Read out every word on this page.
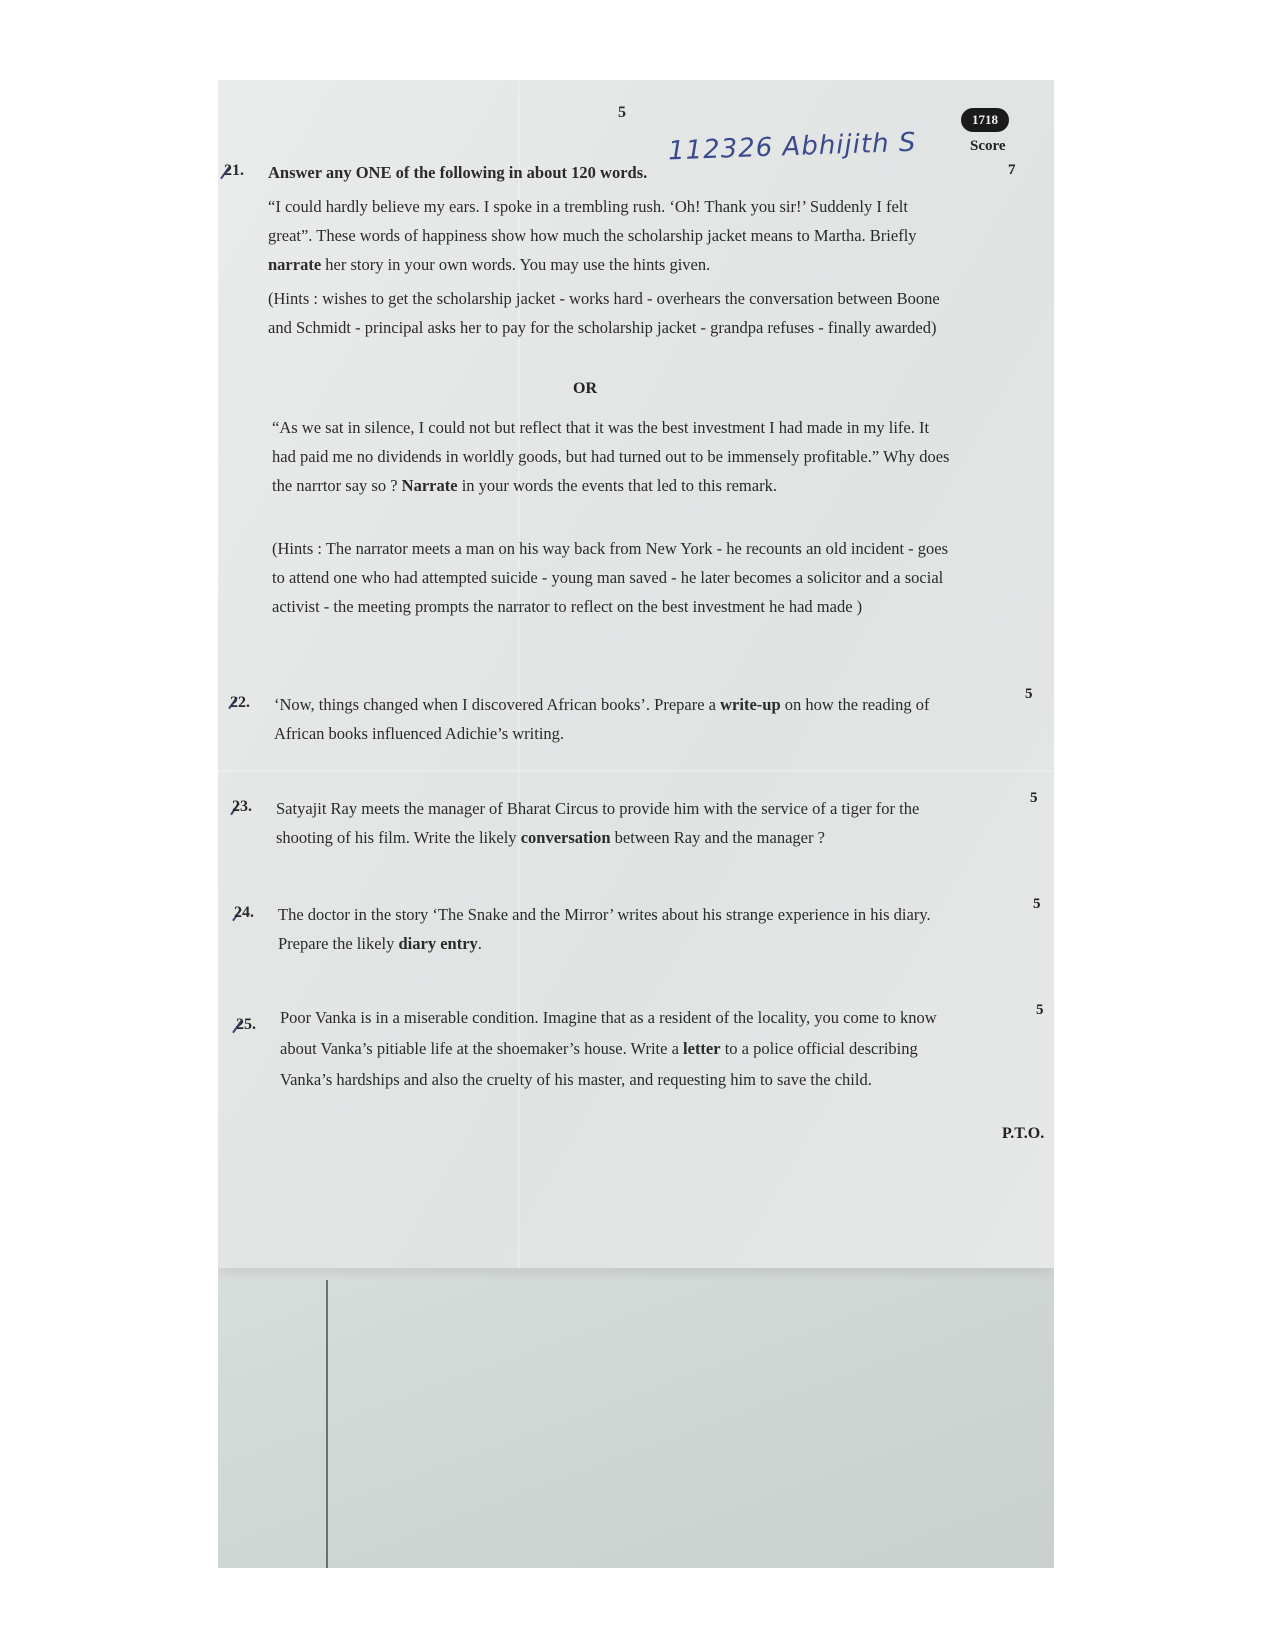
5
112326 Abhijith S
1718
Score
21. Answer any ONE of the following in about 120 words.	7

“I could hardly believe my ears. I spoke in a trembling rush. ‘Oh! Thank you sir!’ Suddenly I felt great”. These words of happiness show how much the scholarship jacket means to Martha. Briefly narrate her story in your own words. You may use the hints given.

(Hints : wishes to get the scholarship jacket - works hard - overhears the conversation between Boone and Schmidt - principal asks her to pay for the scholarship jacket - grandpa refuses - finally awarded)
OR

“As we sat in silence, I could not but reflect that it was the best investment I had made in my life. It had paid me no dividends in worldly goods, but had turned out to be immensely profitable.” Why does the narrtor say so ? Narrate in your words the events that led to this remark.

(Hints : The narrator meets a man on his way back from New York - he recounts an old incident - goes to attend one who had attempted suicide - young man saved - he later becomes a solicitor and a social activist - the meeting prompts the narrator to reflect on the best investment he had made )
22. ‘Now, things changed when I discovered African books’. Prepare a write-up on how the reading of African books influenced Adichie’s writing.

5
23. Satyajit Ray meets the manager of Bharat Circus to provide him with the service of a tiger for the shooting of his film. Write the likely conversation between Ray and the manager ?

5
24. The doctor in the story ‘The Snake and the Mirror’ writes about his strange experience in his diary. Prepare the likely diary entry.

5
25. Poor Vanka is in a miserable condition. Imagine that as a resident of the locality, you come to know about Vanka’s pitiable life at the shoemaker’s house. Write a letter to a police official describing Vanka’s hardships and also the cruelty of his master, and requesting him to save the child.

5
P.T.O.
